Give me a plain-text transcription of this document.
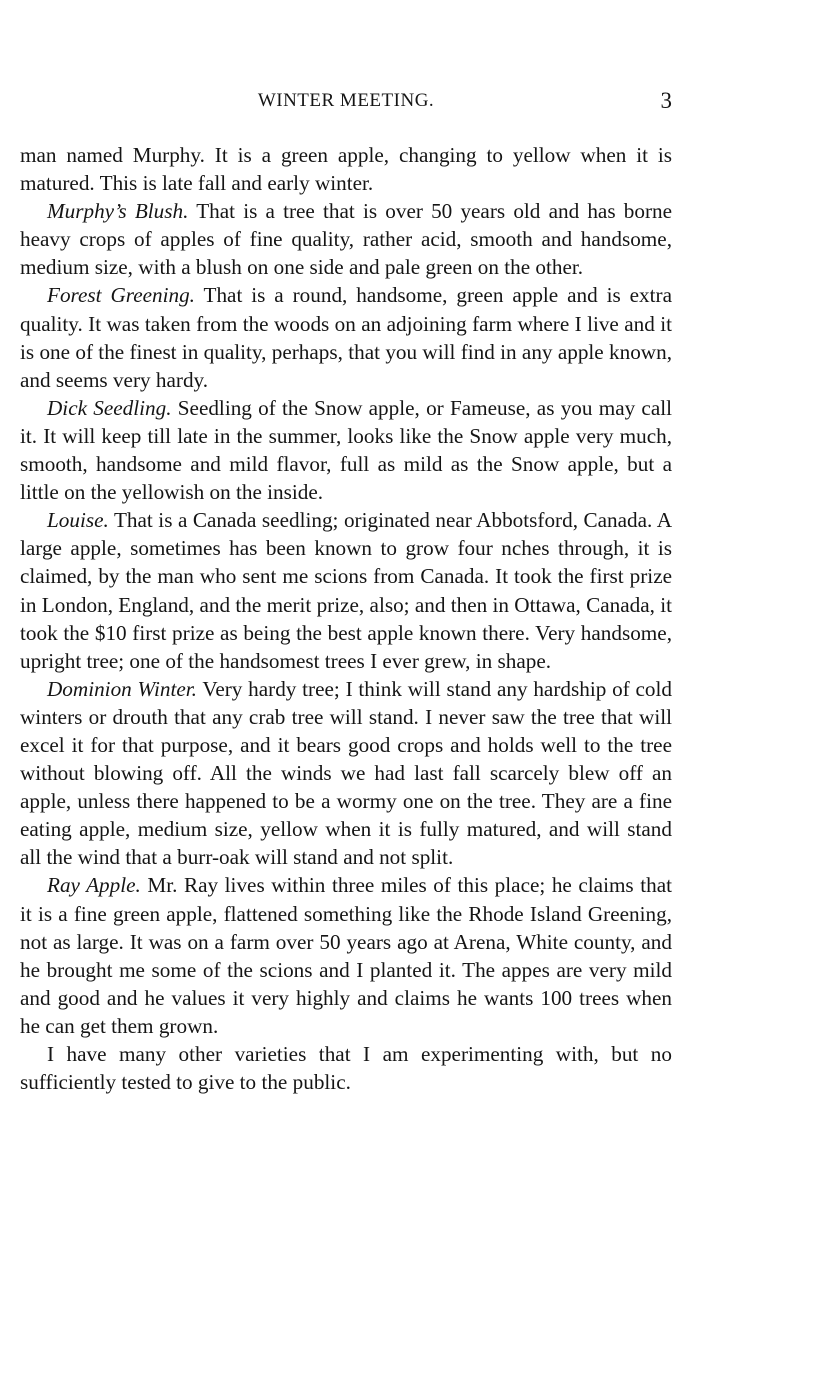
WINTER MEETING.	3

man named Murphy. It is a green apple, changing to yellow when it is matured. This is late fall and early winter.

Murphy’s Blush. That is a tree that is over 50 years old and has borne heavy crops of apples of fine quality, rather acid, smooth and handsome, medium size, with a blush on one side and pale green on the other.

Forest Greening. That is a round, handsome, green apple and is extra quality. It was taken from the woods on an adjoining farm where I live and it is one of the finest in quality, perhaps, that you will find in any apple known, and seems very hardy.

Dick Seedling. Seedling of the Snow apple, or Fameuse, as you may call it. It will keep till late in the summer, looks like the Snow apple very much, smooth, handsome and mild flavor, full as mild as the Snow apple, but a little on the yellowish on the inside.

Louise. That is a Canada seedling; originated near Abbotsford, Canada. A large apple, sometimes has been known to grow four nches through, it is claimed, by the man who sent me scions from Canada. It took the first prize in London, England, and the merit prize, also; and then in Ottawa, Canada, it took the $10 first prize as being the best apple known there. Very handsome, upright tree; one of the handsomest trees I ever grew, in shape.

Dominion Winter. Very hardy tree; I think will stand any hardship of cold winters or drouth that any crab tree will stand. I never saw the tree that will excel it for that purpose, and it bears good crops and holds well to the tree without blowing off. All the winds we had last fall scarcely blew off an apple, unless there happened to be a wormy one on the tree. They are a fine eating apple, medium size, yellow when it is fully matured, and will stand all the wind that a burr-oak will stand and not split.

Ray Apple. Mr. Ray lives within three miles of this place; he claims that it is a fine green apple, flattened something like the Rhode Island Greening, not as large. It was on a farm over 50 years ago at Arena, White county, and he brought me some of the scions and I planted it. The appes are very mild and good and he values it very highly and claims he wants 100 trees when he can get them grown.

I have many other varieties that I am experimenting with, but no sufficiently tested to give to the public.
